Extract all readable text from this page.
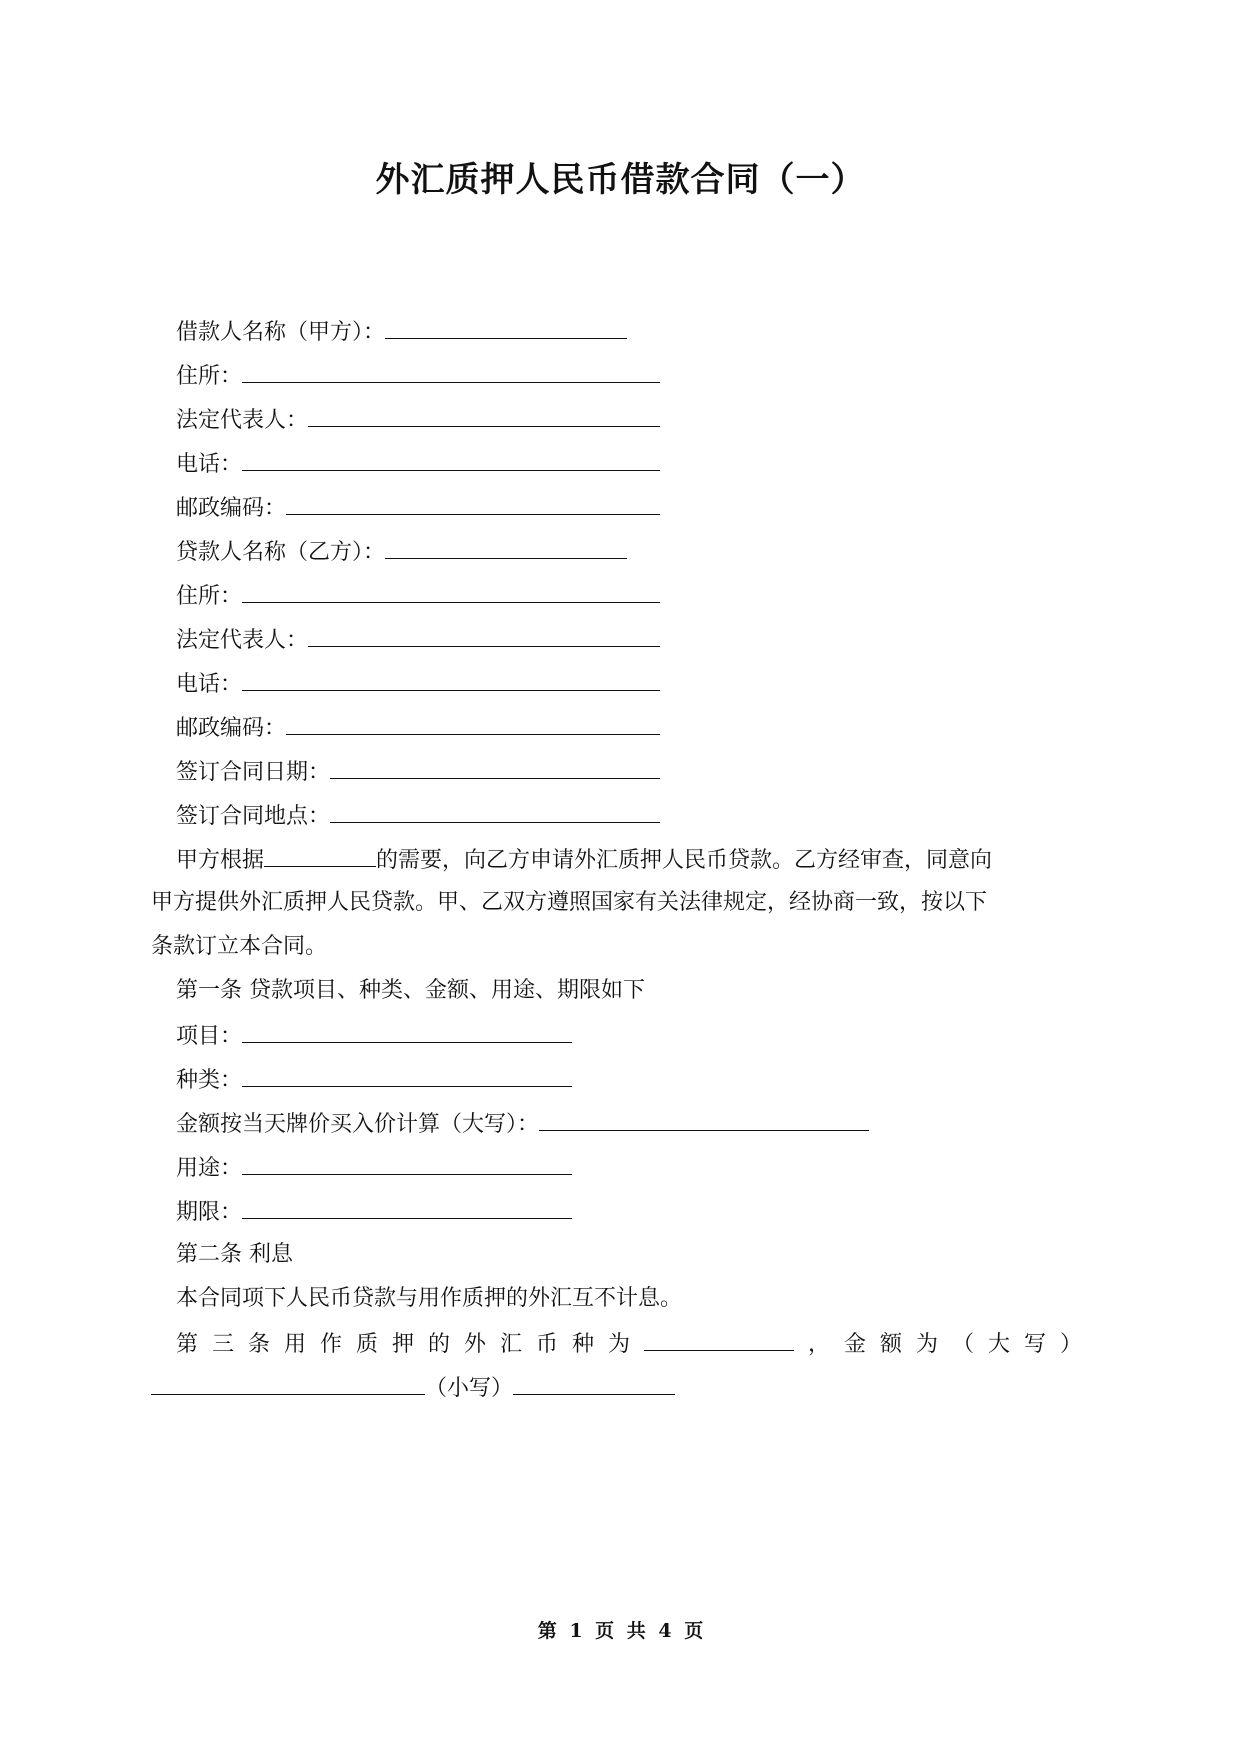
外汇质押人民币借款合同（一）
借款人名称（甲方）：
住所：
法定代表人：
电话：
邮政编码：
贷款人名称（乙方）：
住所：
法定代表人：
电话：
邮政编码：
签订合同日期：
签订合同地点：
甲方根据	的需要，向乙方申请外汇质押人民币贷款。乙方经审查，同意向
甲方提供外汇质押人民贷款。甲、乙双方遵照国家有关法律规定，经协商一致，按以下
条款订立本合同。
第一条 贷款项目、种类、金额、用途、期限如下
项目：
种类：
金额按当天牌价买入价计算（大写）：
用途：
期限：
第二条 利息
本合同项下人民币贷款与用作质押的外汇互不计息。
第 三 条 用 作 质 押 的 外 汇 币 种 为	， 金 额 为 （ 大 写 ）
（小写）
第 1 页 共 4 页
